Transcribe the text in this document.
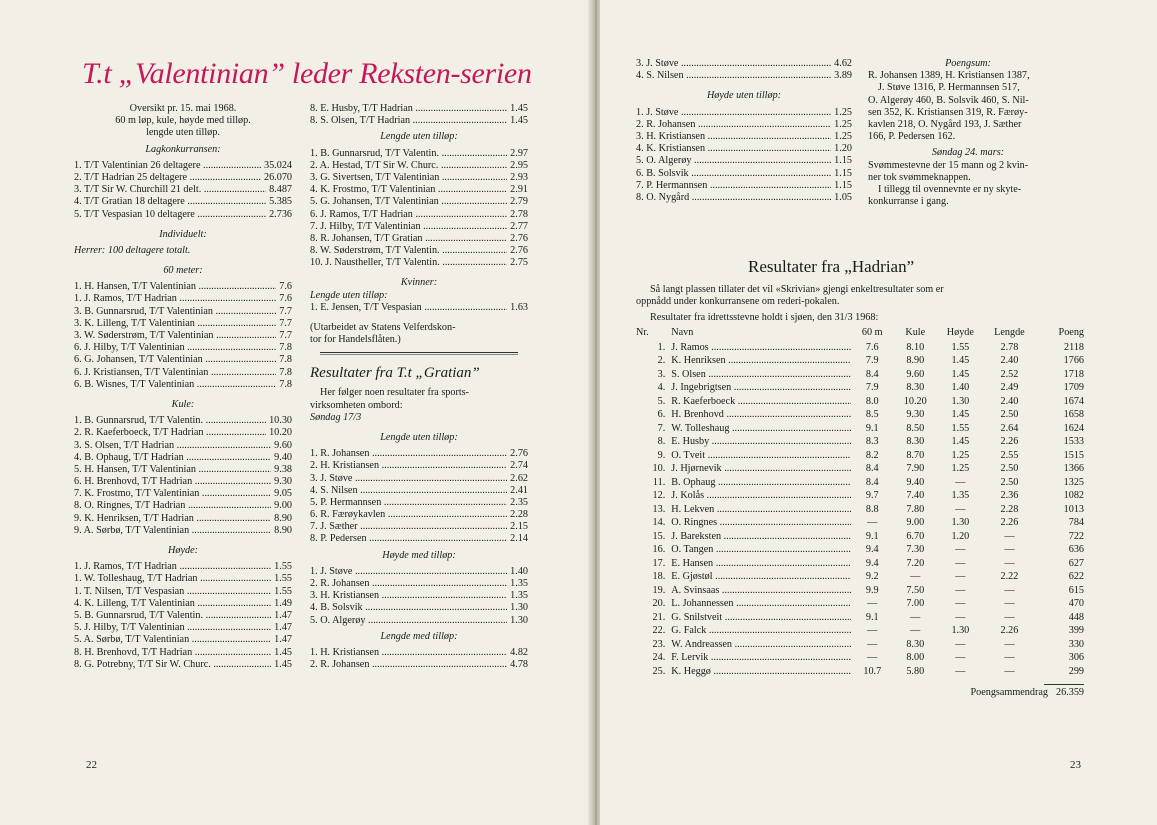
T.t „Valentinian” leder Reksten-serien
Oversikt pr. 15. mai 1968.
60 m løp, kule, høyde med tilløp.
lengde uten tilløp.
Lagkonkurransen:
1. T/T Valentinian 26 deltagere .....	35.024
2. T/T Hadrian 25 deltagere .....	26.070
3. T/T Sir W. Churchill 21 delt. .....	8.487
4. T/T Gratian 18 deltagere .....	5.385
5. T/T Vespasian 10 deltagere .....	2.736
Individuelt:
Herrer: 100 deltagere totalt.
60 meter:
1. H. Hansen, T/T Valentinian .....	7.6
1. J. Ramos, T/T Hadrian .....	7.6
3. B. Gunnarsrud, T/T Valentinian .....	7.7
3. K. Lilleng, T/T Valentinian .....	7.7
3. W. Søderstrøm, T/T Valentinian .....	7.7
6. J. Hilby, T/T Valentinian .....	7.8
6. G. Johansen, T/T Valentinian .....	7.8
6. J. Kristiansen, T/T Valentinian .....	7.8
6. B. Wisnes, T/T Valentinian .....	7.8
Kule:
1. B. Gunnarsrud, T/T Valentin. .....	10.30
2. R. Kaeferboeck, T/T Hadrian .....	10.20
3. S. Olsen, T/T Hadrian .....	9.60
4. B. Ophaug, T/T Hadrian .....	9.40
5. H. Hansen, T/T Valentinian .....	9.38
6. H. Brenhovd, T/T Hadrian .....	9.30
7. K. Frostmo, T/T Valentinian .....	9.05
8. O. Ringnes, T/T Hadrian .....	9.00
9. K. Henriksen, T/T Hadrian .....	8.90
9. A. Sørbø, T/T Valentinian .....	8.90
Høyde:
1. J. Ramos, T/T Hadrian .....	1.55
1. W. Tolleshaug, T/T Hadrian .....	1.55
1. T. Nilsen, T/T Vespasian .....	1.55
4. K. Lilleng, T/T Valentinian .....	1.49
5. B. Gunnarsrud, T/T Valentin. .....	1.47
5. J. Hilby, T/T Valentinian .....	1.47
5. A. Sørbø, T/T Valentinian .....	1.47
8. H. Brenhovd, T/T Hadrian .....	1.45
8. G. Potrebny, T/T Sir W. Churc. .....	1.45
8. E. Husby, T/T Hadrian .....	1.45
8. S. Olsen, T/T Hadrian .....	1.45
Lengde uten tilløp:
1. B. Gunnarsrud, T/T Valentin. .....	2.97
2. A. Hestad, T/T Sir W. Churc. .....	2.95
3. G. Sivertsen, T/T Valentinian .....	2.93
4. K. Frostmo, T/T Valentinian .....	2.91
5. G. Johansen, T/T Valentinian .....	2.79
6. J. Ramos, T/T Hadrian .....	2.78
7. J. Hilby, T/T Valentinian .....	2.77
8. R. Johansen, T/T Gratian .....	2.76
8. W. Søderstrøm, T/T Valentin. .....	2.76
10. J. Naustheller, T/T Valentin. .....	2.75
Kvinner:
Lengde uten tilløp:
1. E. Jensen, T/T Vespasian .....	1.63
(Utarbeidet av Statens Velferdskon-
tor for Handelsflåten.)
Resultater fra T.t „Gratian”
Her følger noen resultater fra sports-
virksomheten ombord:
Søndag 17/3
Lengde uten tilløp:
1. R. Johansen .....	2.76
2. H. Kristiansen .....	2.74
3. J. Støve .....	2.62
4. S. Nilsen .....	2.41
5. P. Hermannsen .....	2.35
6. R. Færøykavlen .....	2.28
7. J. Sæther .....	2.15
8. P. Pedersen .....	2.14
Høyde med tilløp:
1. J. Støve .....	1.40
2. R. Johansen .....	1.35
3. H. Kristiansen .....	1.35
4. B. Solsvik .....	1.30
5. O. Algerøy .....	1.30
Lengde med tilløp:
1. H. Kristiansen .....	4.82
2. R. Johansen .....	4.78
22
3. J. Støve .....	4.62
4. S. Nilsen .....	3.89
Høyde uten tilløp:
1. J. Støve .....	1.25
2. R. Johansen .....	1.25
3. H. Kristiansen .....	1.25
4. K. Kristiansen .....	1.20
5. O. Algerøy .....	1.15
6. B. Solsvik .....	1.15
7. P. Hermannsen .....	1.15
8. O. Nygård .....	1.05
Poengsum:
R. Johansen 1389, H. Kristiansen 1387,
J. Støve 1316, P. Hermannsen 517,
O. Algerøy 460, B. Solsvik 460, S. Nil-
sen 352, K. Kristiansen 319, R. Færøy-
kavlen 218, O. Nygård 193, J. Sæther
166, P. Pedersen 162.
Søndag 24. mars:
Svømmestevne der 15 mann og 2 kvin-
ner tok svømmeknappen.
I tillegg til ovennevnte er ny skyte-
konkurranse i gang.
Resultater fra „Hadrian”
Så langt plassen tillater det vil «Skrivian» gjengi enkeltresultater som er
oppnådd under konkurransene om rederi-pokalen.
Resultater fra idrettsstevne holdt i sjøen, den 31/3 1968:
Nr.	Navn	60 m	Kule	Høyde	Lengde	Poeng
1.	J. Ramos .....	7.6	8.10	1.55	2.78	2118
2.	K. Henriksen .....	7.9	8.90	1.45	2.40	1766
3.	S. Olsen .....	8.4	9.60	1.45	2.52	1718
4.	J. Ingebrigtsen .....	7.9	8.30	1.40	2.49	1709
5.	R. Kaeferboeck .....	8.0	10.20	1.30	2.40	1674
6.	H. Brenhovd .....	8.5	9.30	1.45	2.50	1658
7.	W. Tolleshaug .....	9.1	8.50	1.55	2.64	1624
8.	E. Husby .....	8.3	8.30	1.45	2.26	1533
9.	O. Tveit .....	8.2	8.70	1.25	2.55	1515
10.	J. Hjørnevik .....	8.4	7.90	1.25	2.50	1366
11.	B. Ophaug .....	8.4	9.40	—	2.50	1325
12.	J. Kolås .....	9.7	7.40	1.35	2.36	1082
13.	H. Lekven .....	8.8	7.80	—	2.28	1013
14.	O. Ringnes .....	—	9.00	1.30	2.26	784
15.	J. Bareksten .....	9.1	6.70	1.20	—	722
16.	O. Tangen .....	9.4	7.30	—	—	636
17.	E. Hansen .....	9.4	7.20	—	—	627
18.	E. Gjøstøl .....	9.2	—	—	2.22	622
19.	A. Svinsaas .....	9.9	7.50	—	—	615
20.	L. Johannessen .....	—	7.00	—	—	470
21.	G. Snilstveit .....	9.1	—	—	—	448
22.	G. Falck .....	—	—	1.30	2.26	399
23.	W. Andreassen .....	—	8.30	—	—	330
24.	F. Lervik .....	—	8.00	—	—	306
25.	K. Heggø .....	10.7	5.80	—	—	299
Poengsammendrag 26.359
23
